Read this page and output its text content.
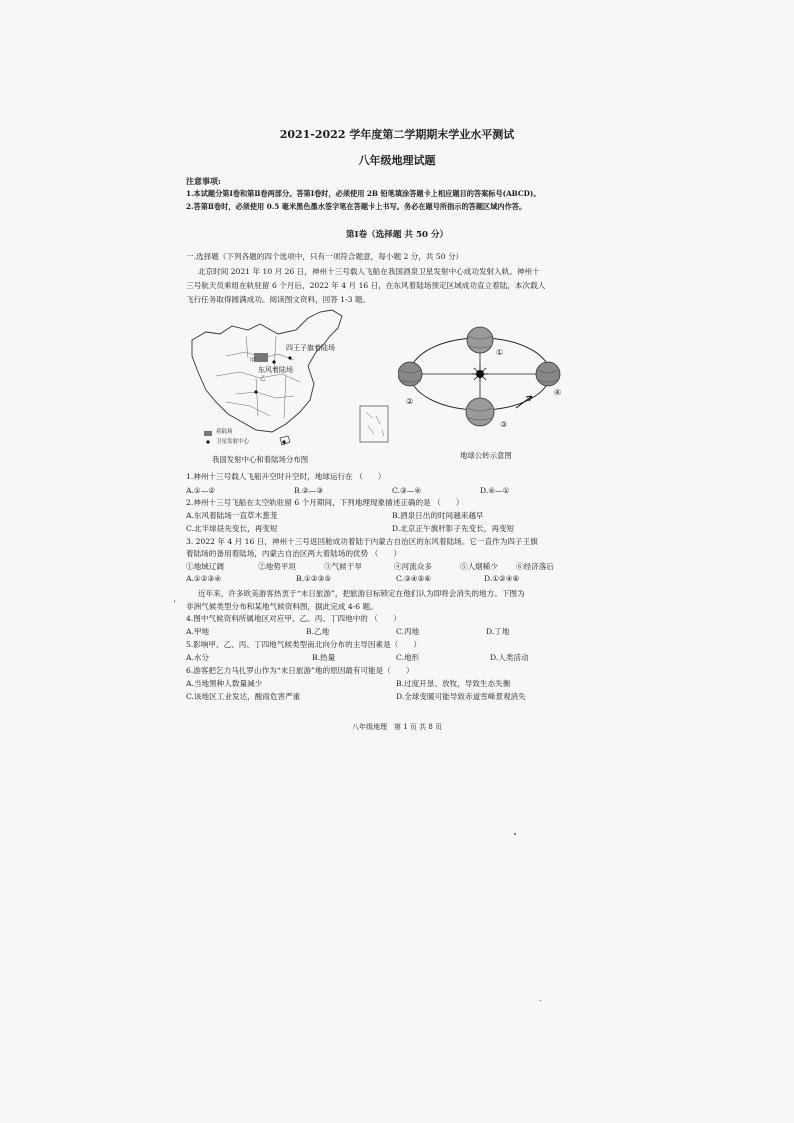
2021-2022 学年度第二学期期末学业水平测试
八年级地理试题
注意事项:
1.本试题分第Ⅰ卷和第Ⅱ卷两部分。答第Ⅰ卷时，必须使用 2B 铅笔填涂答题卡上相应题目的答案标号(ABCD)。
2.答第Ⅱ卷时，必须使用 0.5 毫米黑色墨水签字笔在答题卡上书写。务必在题号所指示的答题区域内作答。
第Ⅰ卷（选择题 共 50 分）
一.选择题（下列各题的四个选项中，只有一项符合题意，每小题 2 分，共 50 分）
北京时间 2021 年 10 月 26 日，神州十三号载人飞船在我国酒泉卫星发射中心成功发射入轨。神州十
三号航天员乘组在轨驻留 6 个月后，2022 年 4 月 16 日，在东风着陆场预定区域成功直立着陆，本次载人
飞行任务取得圆满成功。阅读图文资料，回答 1-3 题。
四王子旗着陆场
东风着陆场
甲
乙
着陆场
卫星发射中心
我国发射中心和着陆场分布图
①
②
③
④
地球公转示意图
1.神州十三号载人飞船升空时升空时，地球运行在 （　　）
A.①—②	B.②—③	C.③—④	D.④—①
2.神州十三号飞船在太空轨驻留 6 个月期间，下列地理现象描述正确的是 （　　）
A.东风着陆场一直草木葱茏	B.酒泉日出的时间越来越早
C.北半球昼先变长，再变短	D.北京正午旗杆影子先变长，再变短
3. 2022 年 4 月 16 日，神州十三号返回舱成功着陆于内蒙古自治区的东风着陆场。它一直作为四子王旗
着陆场的备用着陆场，内蒙古自治区两大着陆场的优势 （　　）
①地域辽阔	②地势平坦	③气候干旱	④河流众多	⑤人烟稀少 ⑥经济落后
A.①②③④	B.①②③⑤	C.③④⑤⑥	D.①②④⑥
近年来，许多欧美游客热衷于“末日旅游”，把旅游目标锁定在他们认为即将会消失的地方。下图为
非洲气候类型分布和某地气候资料图，据此完成 4-6 题。
4.图中气候资料所属地区对应甲、乙、丙、丁四地中的 （　　）
A.甲地	B.乙地	C.丙地	D.丁地
5.影响甲、乙、丙、丁四地气候类型南北向分布的主导因素是（　　）
A.水分	B.热量	C.地形	D.人类活动
6.游客把乞力马扎罗山作为“末日旅游”地的原因最有可能是（　　）
A.当地黑种人数量减少	B.过度开垦、放牧，导致生态失衡
C.该地区工业发达，酸雨危害严重	D.全球变暖可能导致赤道雪峰景观消失
八年级地理　第 1 页 共 8 页
